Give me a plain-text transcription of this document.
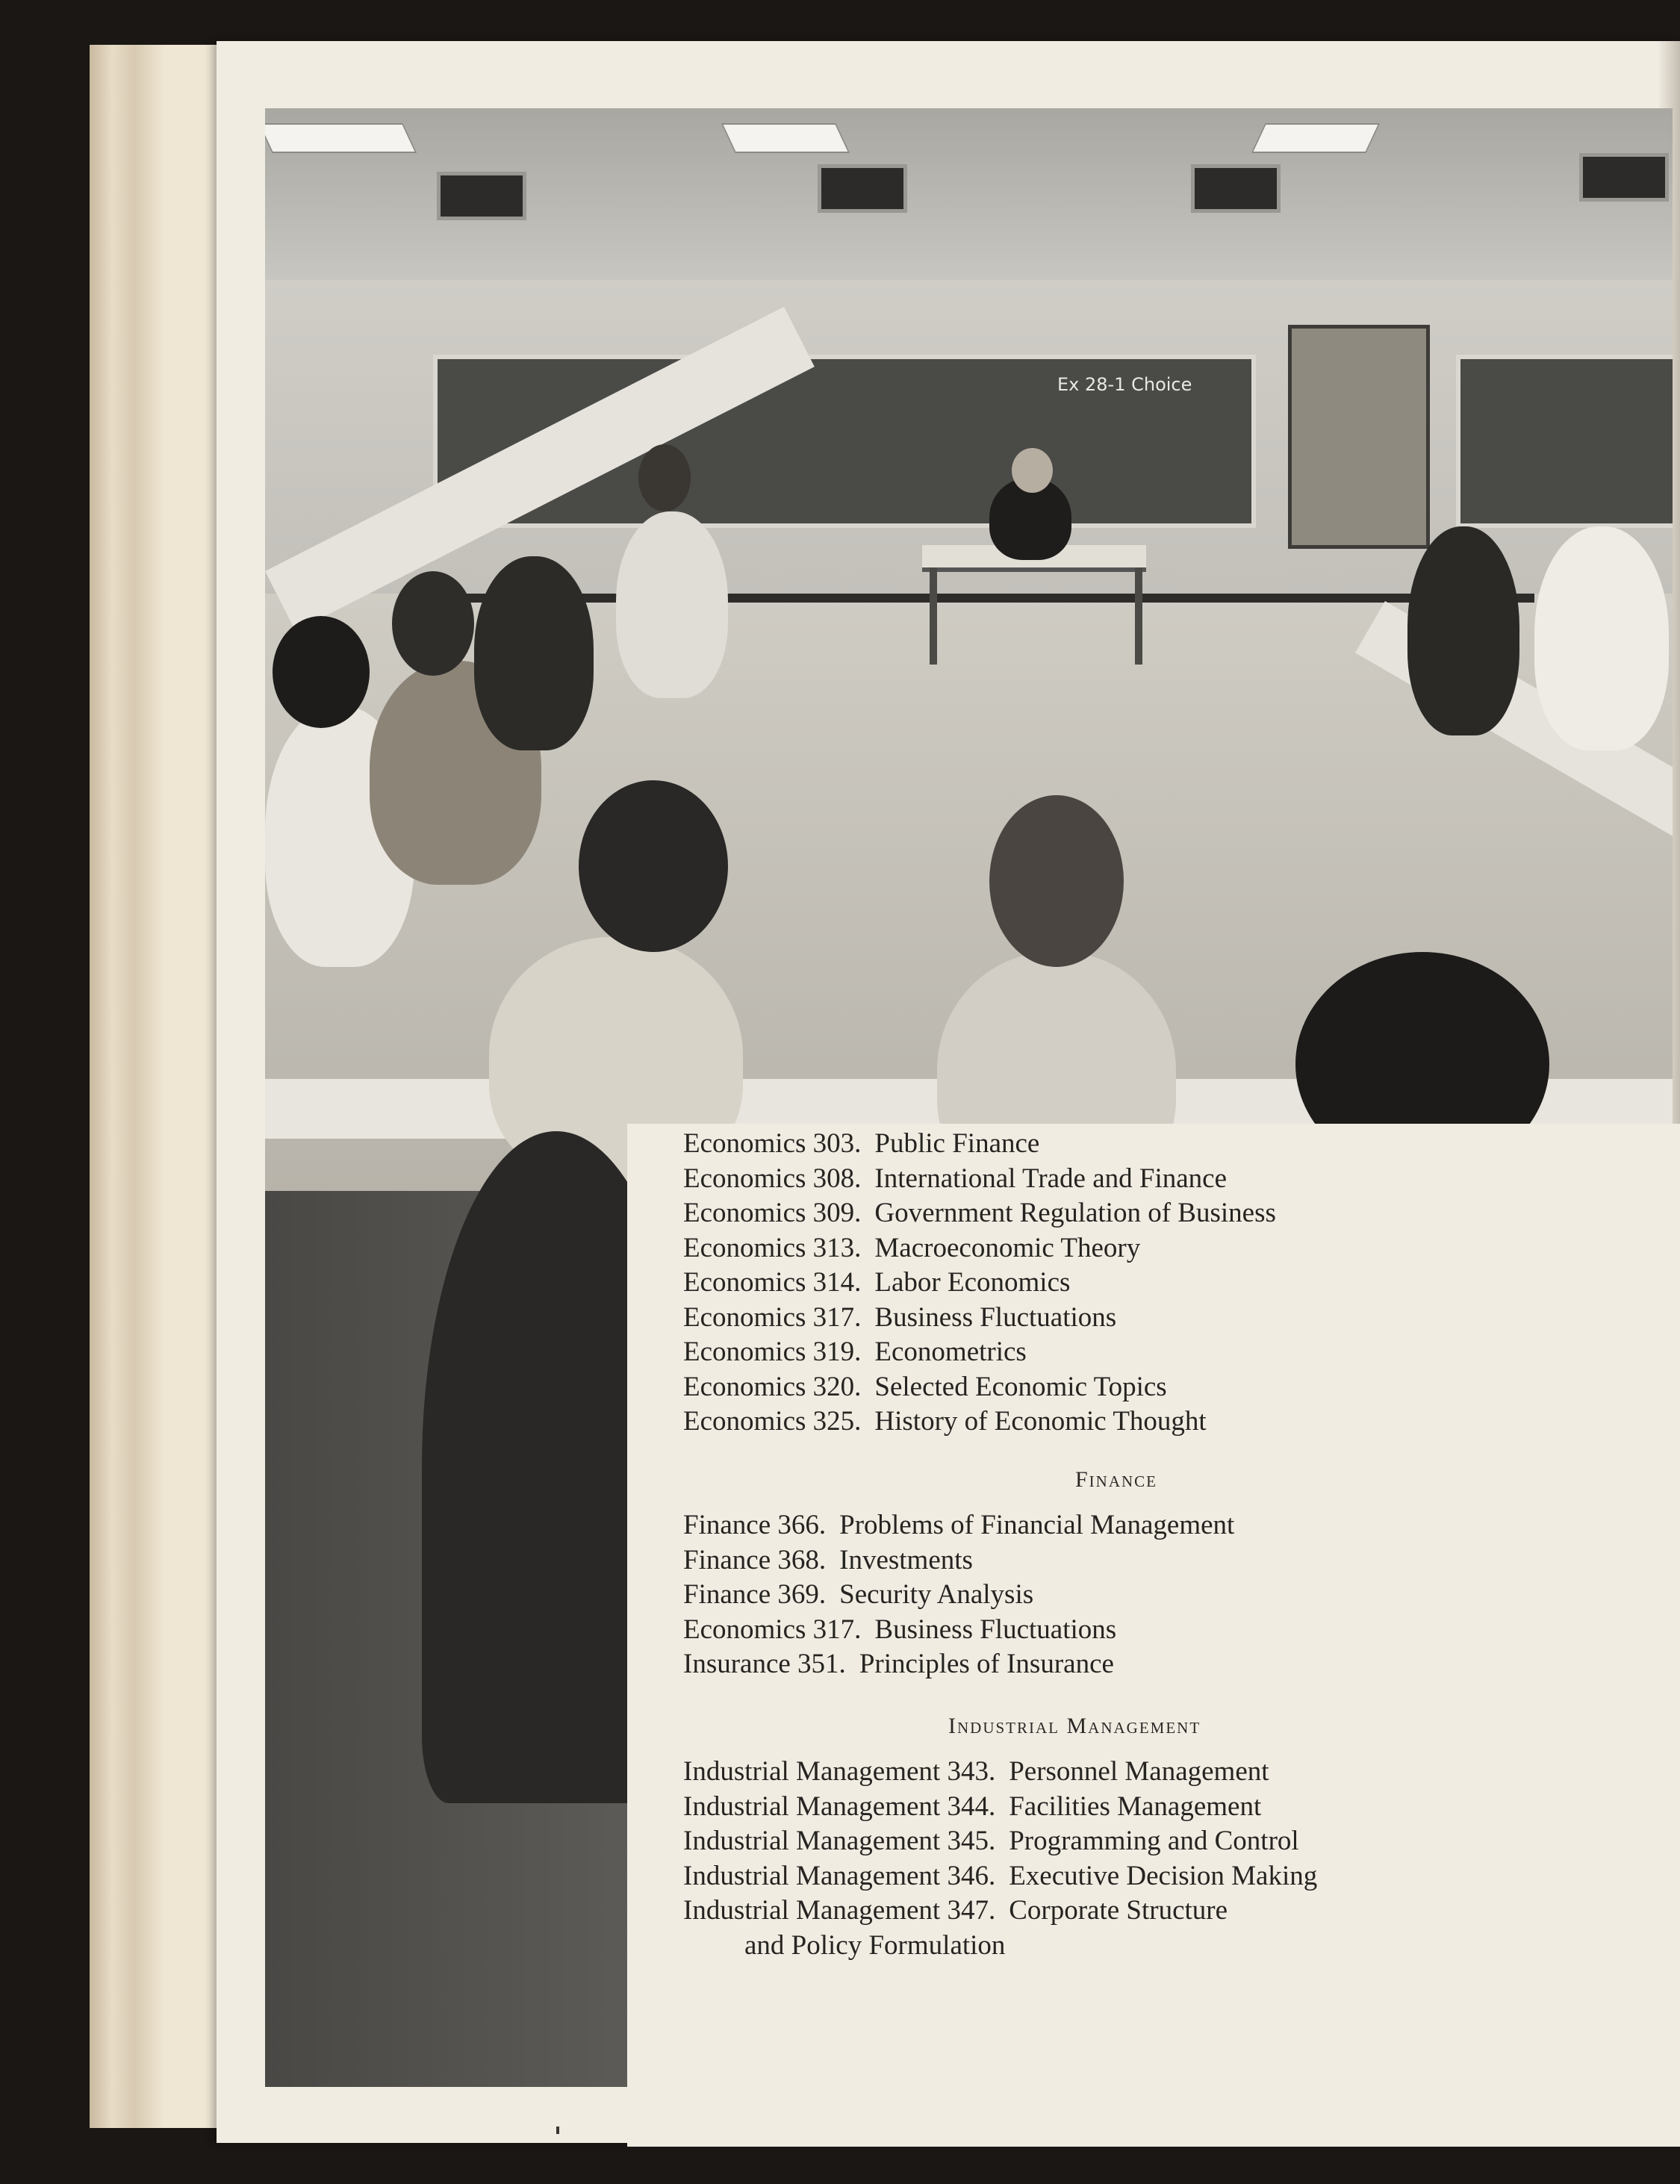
Ex 28-1 Choice
Economics 303. Public Finance
Economics 308. International Trade and Finance
Economics 309. Government Regulation of Business
Economics 313. Macroeconomic Theory
Economics 314. Labor Economics
Economics 317. Business Fluctuations
Economics 319. Econometrics
Economics 320. Selected Economic Topics
Economics 325. History of Economic Thought
Finance
Finance 366. Problems of Financial Management
Finance 368. Investments
Finance 369. Security Analysis
Economics 317. Business Fluctuations
Insurance 351. Principles of Insurance
Industrial Management
Industrial Management 343. Personnel Management
Industrial Management 344. Facilities Management
Industrial Management 345. Programming and Control
Industrial Management 346. Executive Decision Making
Industrial Management 347. Corporate Structure
and Policy Formulation
